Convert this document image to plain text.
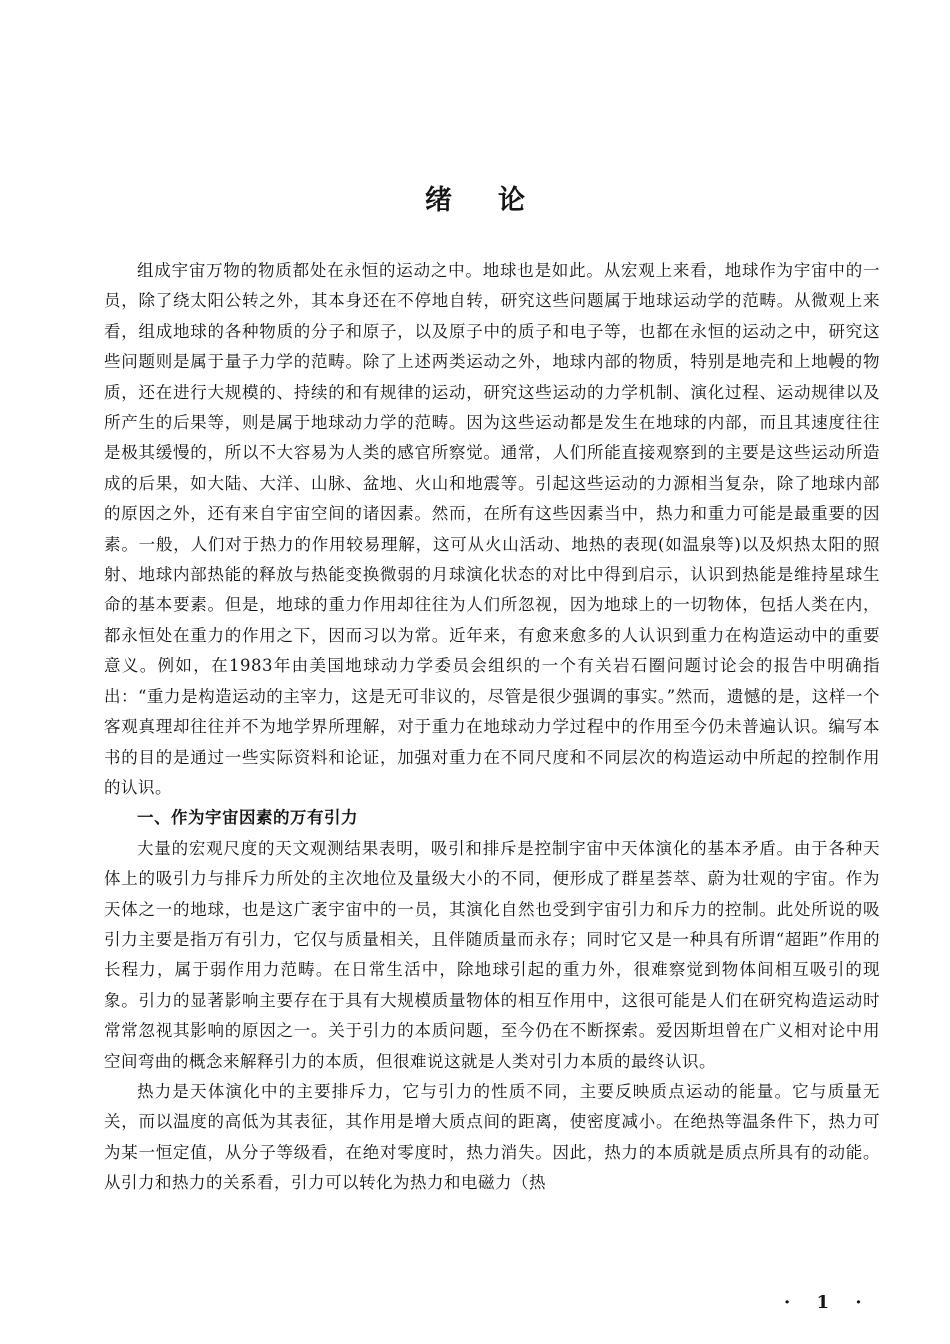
绪论

组成宇宙万物的物质都处在永恒的运动之中。地球也是如此。从宏观上来看，地球作为宇宙中的一员，除了绕太阳公转之外，其本身还在不停地自转，研究这些问题属于地球运动学的范畴。从微观上来看，组成地球的各种物质的分子和原子，以及原子中的质子和电子等，也都在永恒的运动之中，研究这些问题则是属于量子力学的范畴。除了上述两类运动之外，地球内部的物质，特别是地壳和上地幔的物质，还在进行大规模的、持续的和有规律的运动，研究这些运动的力学机制、演化过程、运动规律以及所产生的后果等，则是属于地球动力学的范畴。因为这些运动都是发生在地球的内部，而且其速度往往是极其缓慢的，所以不大容易为人类的感官所察觉。通常，人们所能直接观察到的主要是这些运动所造成的后果，如大陆、大洋、山脉、盆地、火山和地震等。引起这些运动的力源相当复杂，除了地球内部的原因之外，还有来自宇宙空间的诸因素。然而，在所有这些因素当中，热力和重力可能是最重要的因素。一般，人们对于热力的作用较易理解，这可从火山活动、地热的表现(如温泉等)以及炽热太阳的照射、地球内部热能的释放与热能变换微弱的月球演化状态的对比中得到启示，认识到热能是维持星球生命的基本要素。但是，地球的重力作用却往往为人们所忽视，因为地球上的一切物体，包括人类在内，都永恒处在重力的作用之下，因而习以为常。近年来，有愈来愈多的人认识到重力在构造运动中的重要意义。例如，在1983年由美国地球动力学委员会组织的一个有关岩石圈问题讨论会的报告中明确指出：“重力是构造运动的主宰力，这是无可非议的，尽管是很少强调的事实。”然而，遗憾的是，这样一个客观真理却往往并不为地学界所理解，对于重力在地球动力学过程中的作用至今仍未普遍认识。编写本书的目的是通过一些实际资料和论证，加强对重力在不同尺度和不同层次的构造运动中所起的控制作用的认识。

一、作为宇宙因素的万有引力

大量的宏观尺度的天文观测结果表明，吸引和排斥是控制宇宙中天体演化的基本矛盾。由于各种天体上的吸引力与排斥力所处的主次地位及量级大小的不同，便形成了群星荟萃、蔚为壮观的宇宙。作为天体之一的地球，也是这广袤宇宙中的一员，其演化自然也受到宇宙引力和斥力的控制。此处所说的吸引力主要是指万有引力，它仅与质量相关，且伴随质量而永存；同时它又是一种具有所谓“超距”作用的长程力，属于弱作用力范畴。在日常生活中，除地球引起的重力外，很难察觉到物体间相互吸引的现象。引力的显著影响主要存在于具有大规模质量物体的相互作用中，这很可能是人们在研究构造运动时常常忽视其影响的原因之一。关于引力的本质问题，至今仍在不断探索。爱因斯坦曾在广义相对论中用空间弯曲的概念来解释引力的本质，但很难说这就是人类对引力本质的最终认识。

热力是天体演化中的主要排斥力，它与引力的性质不同，主要反映质点运动的能量。它与质量无关，而以温度的高低为其表征，其作用是增大质点间的距离，使密度减小。在绝热等温条件下，热力可为某一恒定值，从分子等级看，在绝对零度时，热力消失。因此，热力的本质就是质点所具有的动能。从引力和热力的关系看，引力可以转化为热力和电磁力（热

· 1 ·
